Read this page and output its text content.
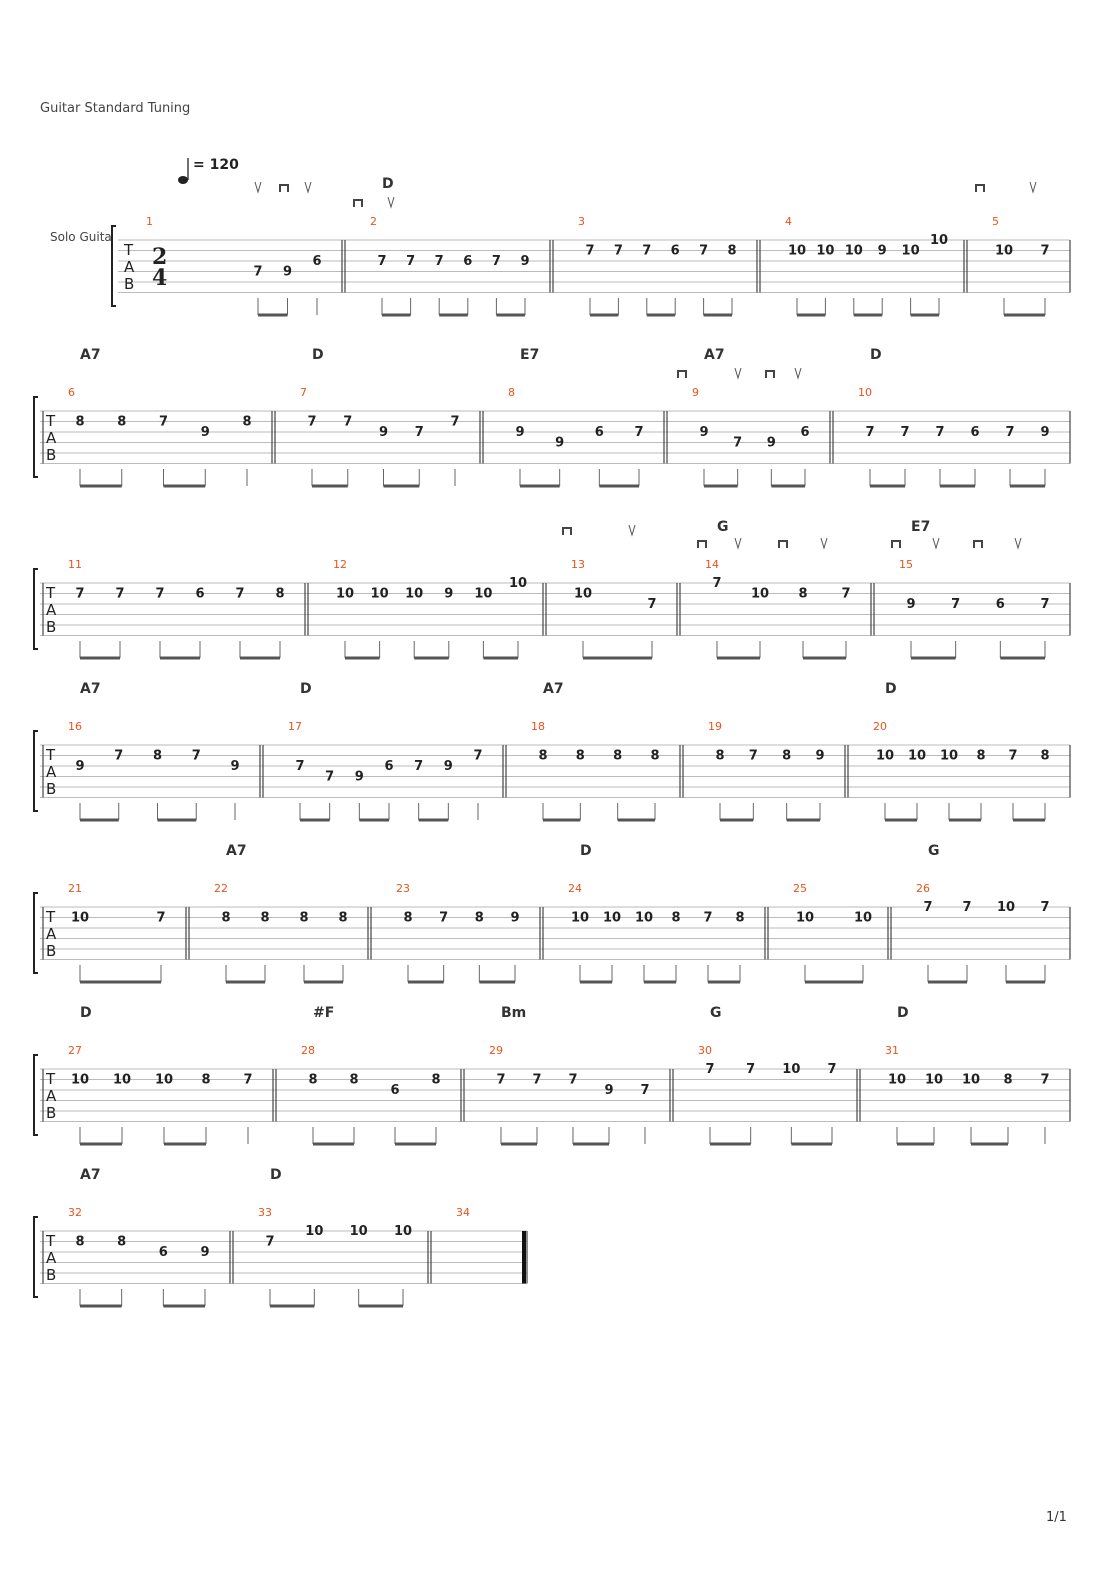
Guitar Standard Tuning
1/1
T
A
B
1
7 9
6
2
D
7 7 7 6 7 9
3
7 7 7 6 7 8
4
10 10 10 9 10
10
5
10 7
T
A
B
6
A7
8	8	7
9
8
7
D
7 7
9 7
7
8
E7
9
9
6 7
9
A7
9
7 9
6
10
D
7 7 7 6 7 9
T
A
B
11
7 7 7 6 7 8
12
10 10 10 9 10
10
13
10
7
14
G
7
10 8	7
15
E7
9	7	6	7
T
A
B
16
A7
9
7 8 7
9
17
D
7
7 9
6 7 9
7
18
A7
8 8 8 8
19
8 7 8 9
20
D
10 10 10 8 7 8
T
A
B
21
10	7
22
A7
8 8 8 8
23
8 7 8 9
24
D
10 10 10 8 7 8
25
10	10
26
G
7 7 10 7
T
A
B
27
D
10 10 10 8	7
28
#F
8 8
6
8
29
Bm
7 7 7
9 7
30
G
7 7 10 7
31
D
10 10 10 8 7
T
A
B
32
A7
8	8
6	9
33
D
7
10 10 10
34
Solo Guita
2
4
= 120
